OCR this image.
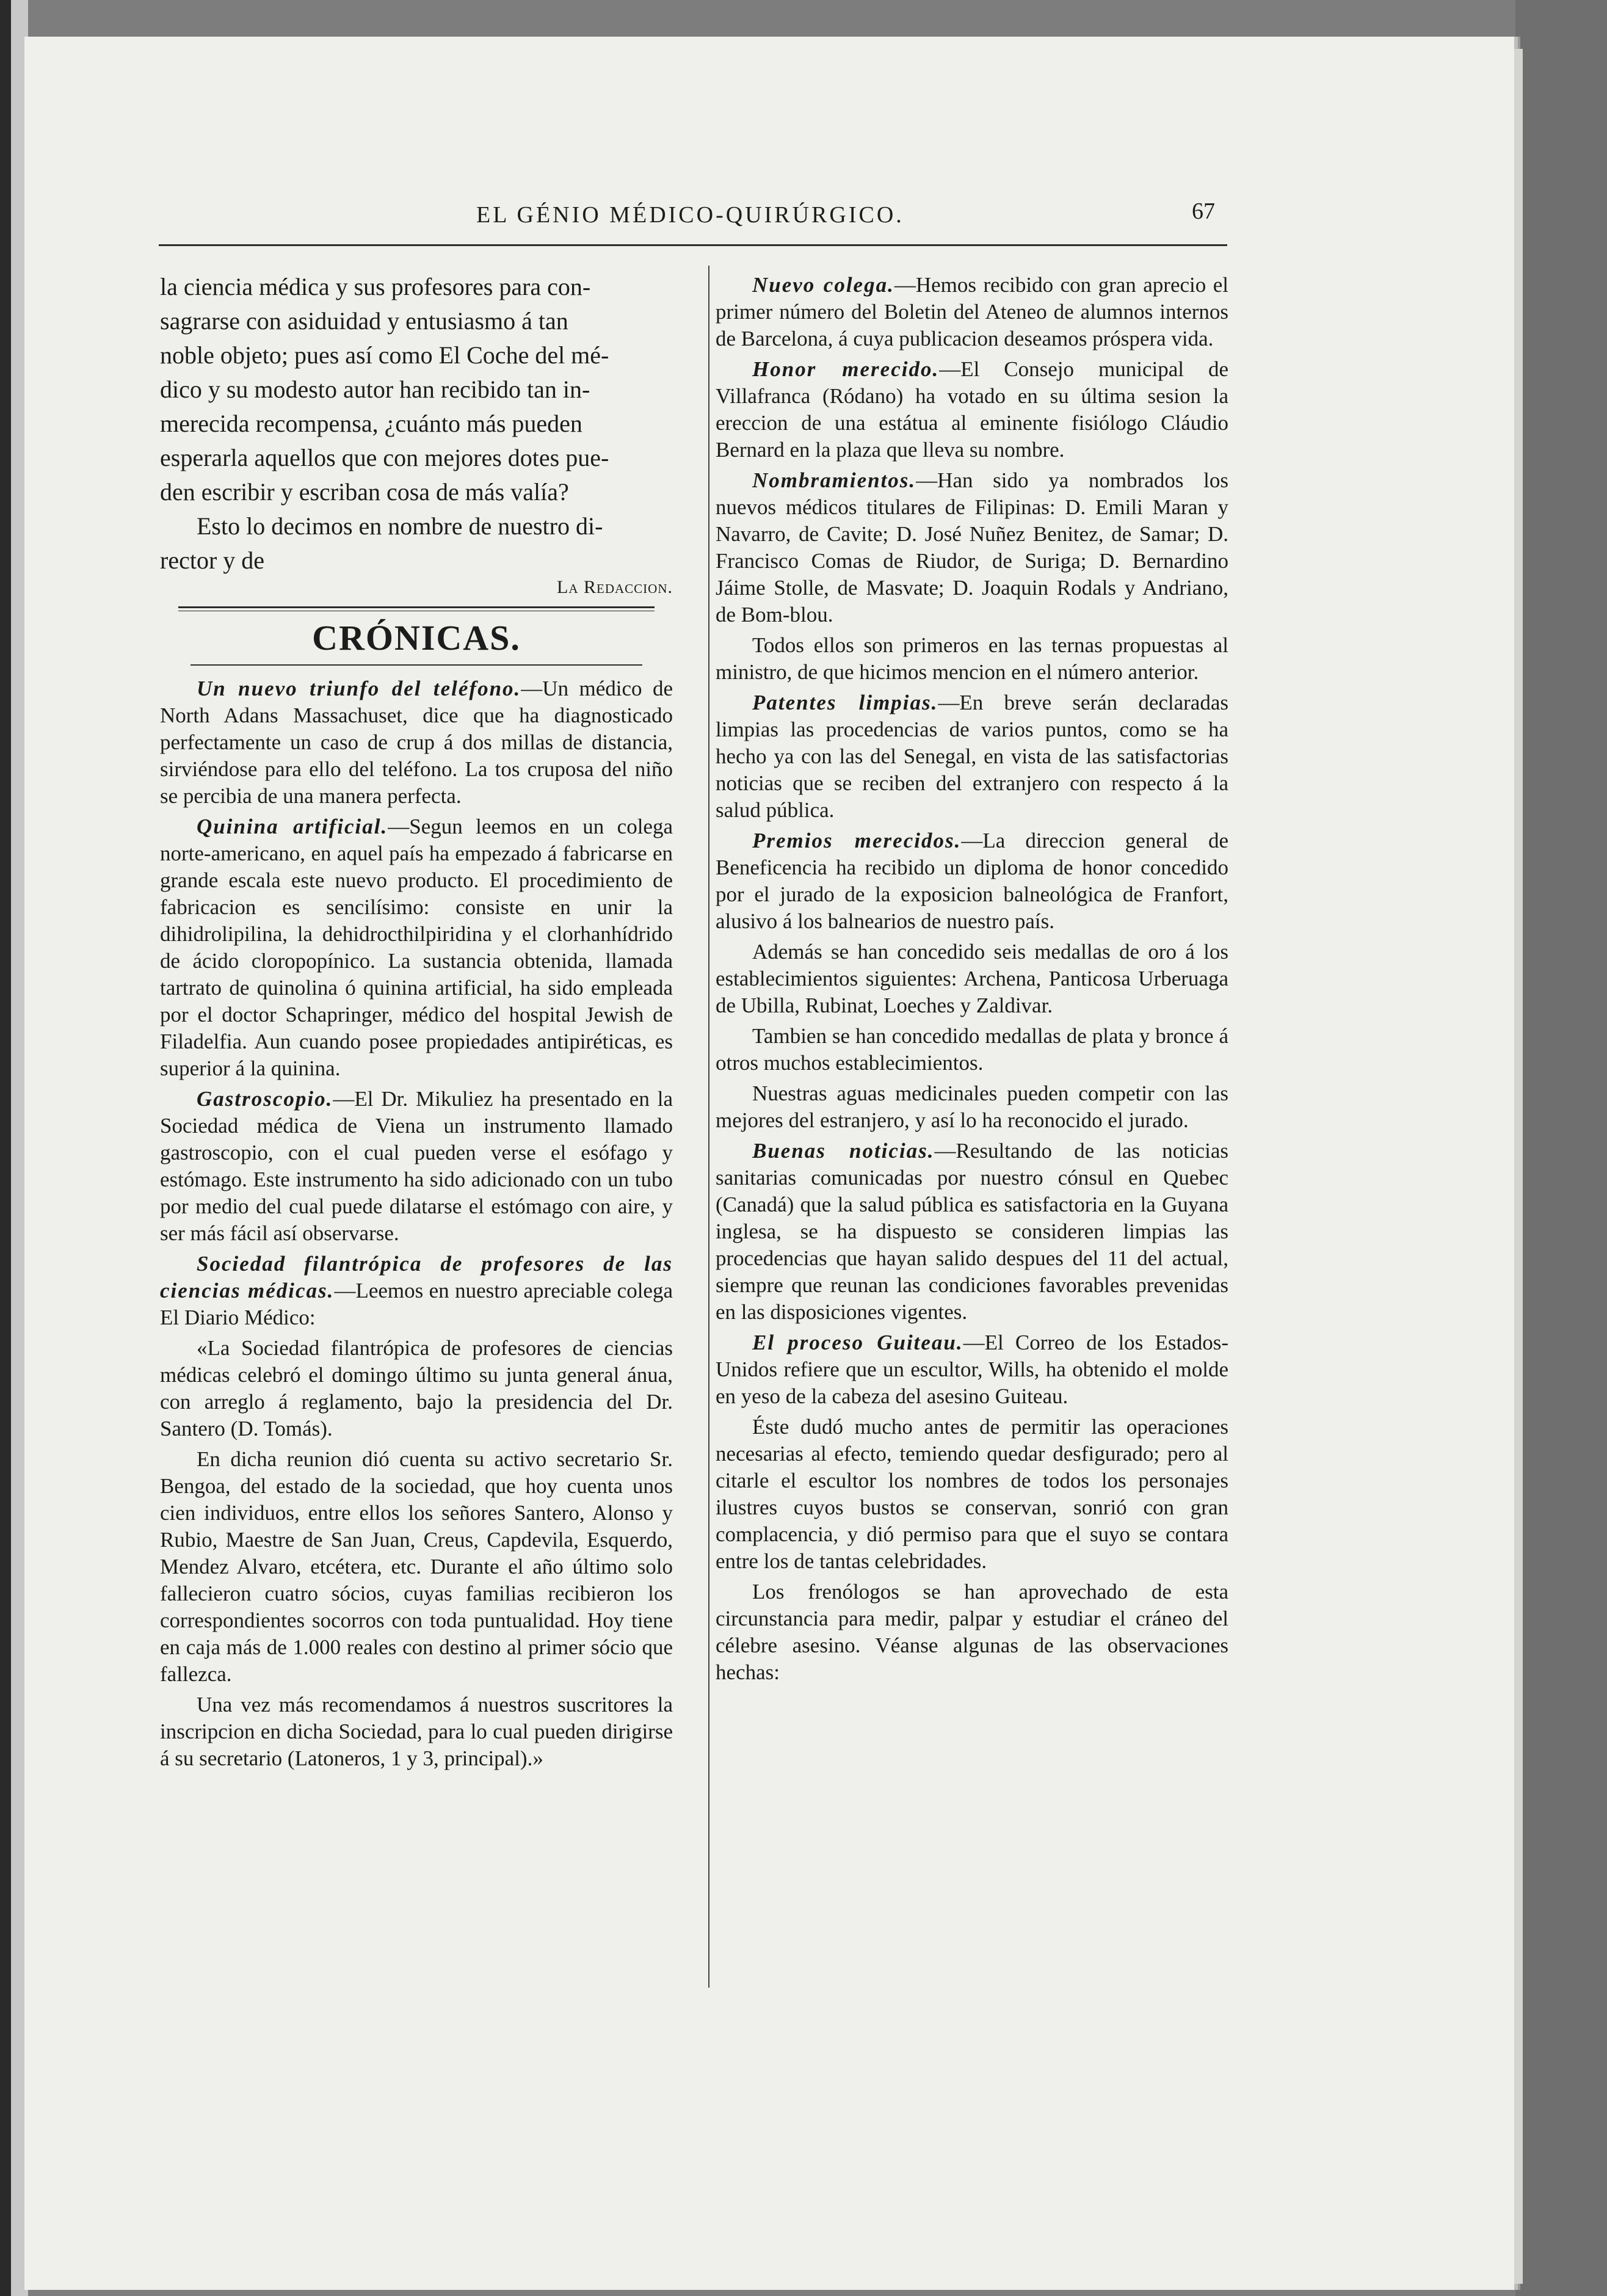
EL GÉNIO MÉDICO-QUIRÚRGICO.	67

la ciencia médica y sus profesores para con-

sagrarse con asiduidad y entusiasmo á tan

noble objeto; pues así como El Coche del mé-

dico y su modesto autor han recibido tan in-

merecida recompensa, ¿cuánto más pueden

esperarla aquellos que con mejores dotes pue-

den escribir y escriban cosa de más valía?

Esto lo decimos en nombre de nuestro di-

rector y de

La Redaccion.
CRÓNICAS.

Un nuevo triunfo del teléfono.—Un médico de North Adans Massachuset, dice que ha diagnosticado perfectamente un caso de crup á dos millas de distancia, sirviéndose para ello del teléfono. La tos cruposa del niño se percibia de una manera perfecta.

Quinina artificial.—Segun leemos en un colega norte-americano, en aquel país ha empezado á fabricarse en grande escala este nuevo producto. El procedimiento de fabricacion es sencilísimo: consiste en unir la dihidrolipilina, la dehidrocthilpiridina y el clorhanhídrido de ácido cloropopínico. La sustancia obtenida, llamada tartrato de quinolina ó quinina artificial, ha sido empleada por el doctor Schapringer, médico del hospital Jewish de Filadelfia. Aun cuando posee propiedades antipiréticas, es superior á la quinina.

Gastroscopio.—El Dr. Mikuliez ha presentado en la Sociedad médica de Viena un instrumento llamado gastroscopio, con el cual pueden verse el esófago y estómago. Este instrumento ha sido adicionado con un tubo por medio del cual puede dilatarse el estómago con aire, y ser más fácil así observarse.

Sociedad filantrópica de profesores de las ciencias médicas.—Leemos en nuestro apreciable colega El Diario Médico:

«La Sociedad filantrópica de profesores de ciencias médicas celebró el domingo último su junta general ánua, con arreglo á reglamento, bajo la presidencia del Dr. Santero (D. Tomás).

En dicha reunion dió cuenta su activo secretario Sr. Bengoa, del estado de la sociedad, que hoy cuenta unos cien individuos, entre ellos los señores Santero, Alonso y Rubio, Maestre de San Juan, Creus, Capdevila, Esquerdo, Mendez Alvaro, etcétera, etc. Durante el año último solo fallecieron cuatro sócios, cuyas familias recibieron los correspondientes socorros con toda puntualidad. Hoy tiene en caja más de 1.000 reales con destino al primer sócio que fallezca.

Una vez más recomendamos á nuestros suscritores la inscripcion en dicha Sociedad, para lo cual pueden dirigirse á su secretario (Latoneros, 1 y 3, principal).»

Nuevo colega.—Hemos recibido con gran aprecio el primer número del Boletin del Ateneo de alumnos internos de Barcelona, á cuya publicacion deseamos próspera vida.

Honor merecido.—El Consejo municipal de Villafranca (Ródano) ha votado en su última sesion la ereccion de una estátua al eminente fisiólogo Cláudio Bernard en la plaza que lleva su nombre.

Nombramientos.—Han sido ya nombrados los nuevos médicos titulares de Filipinas: D. Emili Maran y Navarro, de Cavite; D. José Nuñez Benitez, de Samar; D. Francisco Comas de Riudor, de Suriga; D. Bernardino Jáime Stolle, de Masvate; D. Joaquin Rodals y Andriano, de Bom-blou.

Todos ellos son primeros en las ternas propuestas al ministro, de que hicimos mencion en el número anterior.

Patentes limpias.—En breve serán declaradas limpias las procedencias de varios puntos, como se ha hecho ya con las del Senegal, en vista de las satisfactorias noticias que se reciben del extranjero con respecto á la salud pública.

Premios merecidos.—La direccion general de Beneficencia ha recibido un diploma de honor concedido por el jurado de la exposicion balneológica de Franfort, alusivo á los balnearios de nuestro país.

Además se han concedido seis medallas de oro á los establecimientos siguientes: Archena, Panticosa Urberuaga de Ubilla, Rubinat, Loeches y Zaldivar.

Tambien se han concedido medallas de plata y bronce á otros muchos establecimientos.

Nuestras aguas medicinales pueden competir con las mejores del estranjero, y así lo ha reconocido el jurado.

Buenas noticias.—Resultando de las noticias sanitarias comunicadas por nuestro cónsul en Quebec (Canadá) que la salud pública es satisfactoria en la Guyana inglesa, se ha dispuesto se consideren limpias las procedencias que hayan salido despues del 11 del actual, siempre que reunan las condiciones favorables prevenidas en las disposiciones vigentes.

El proceso Guiteau.—El Correo de los Estados-Unidos refiere que un escultor, Wills, ha obtenido el molde en yeso de la cabeza del asesino Guiteau.

Éste dudó mucho antes de permitir las operaciones necesarias al efecto, temiendo quedar desfigurado; pero al citarle el escultor los nombres de todos los personajes ilustres cuyos bustos se conservan, sonrió con gran complacencia, y dió permiso para que el suyo se contara entre los de tantas celebridades.

Los frenólogos se han aprovechado de esta circunstancia para medir, palpar y estudiar el cráneo del célebre asesino. Véanse algunas de las observaciones hechas:
